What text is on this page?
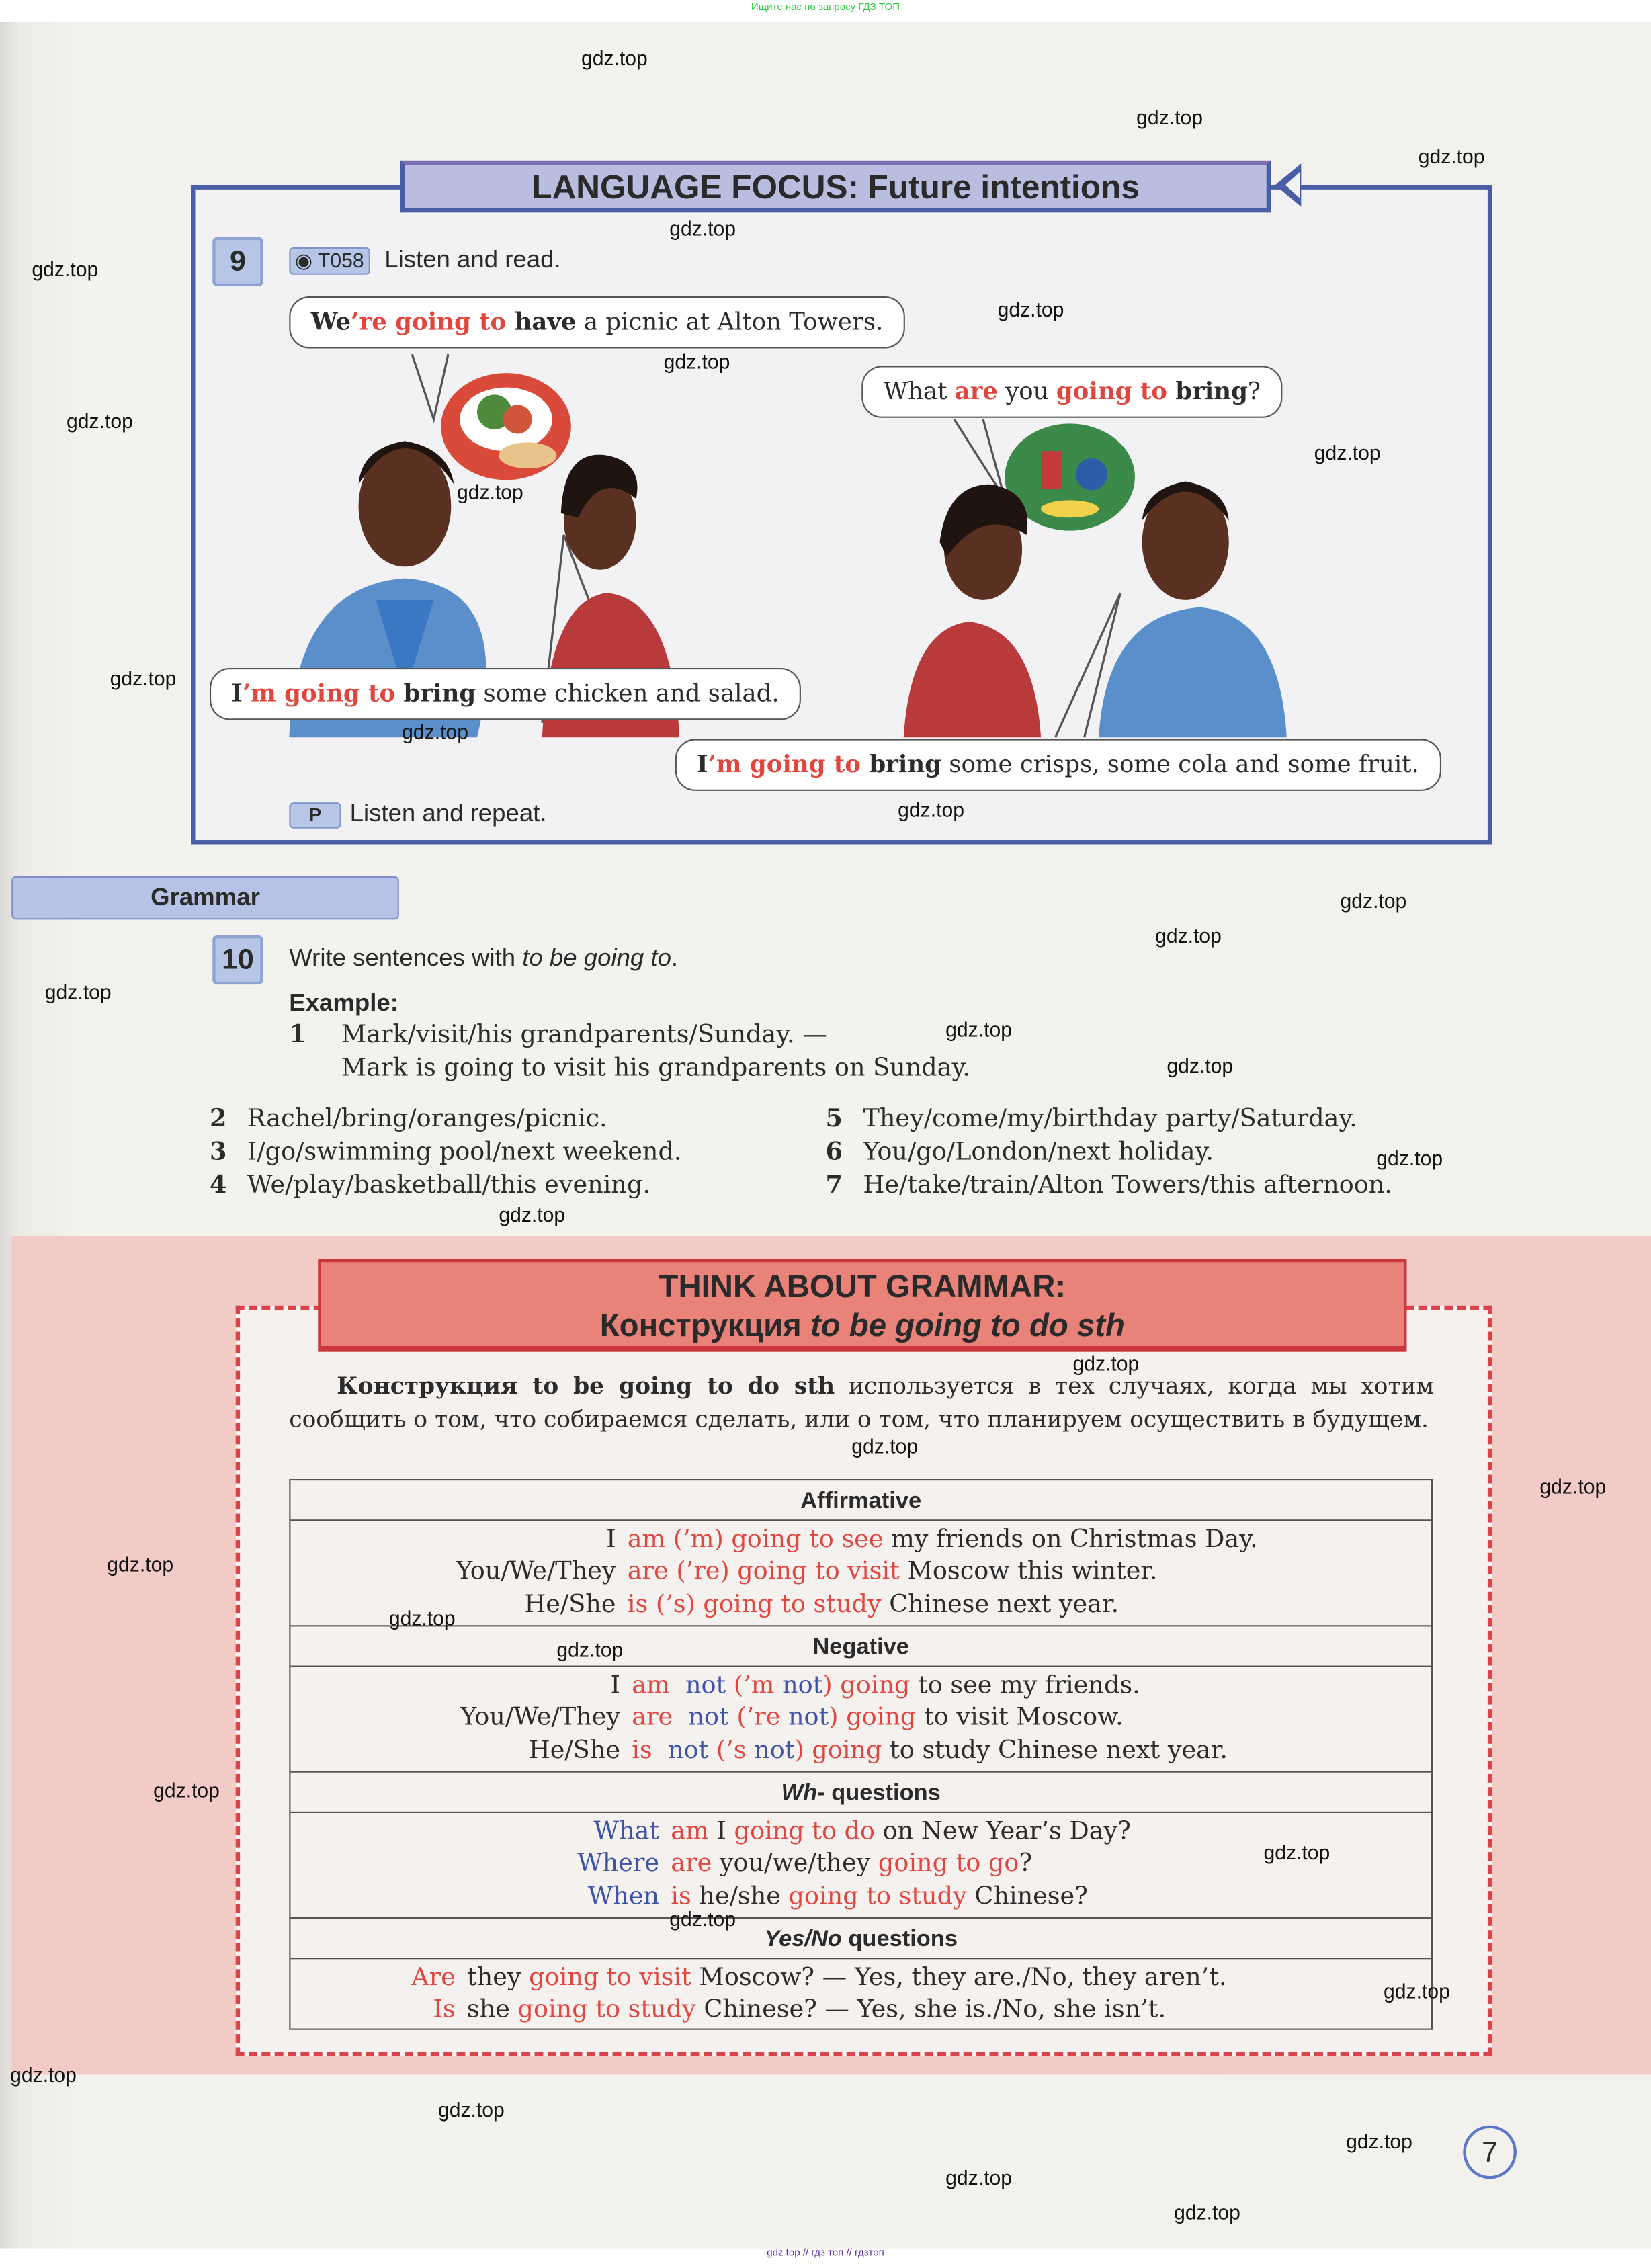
Ищите нас по запросу ГДЗ ТОП
LANGUAGE FOCUS: Future intentions
9	◉ T058	Listen and read.
We’re going to have a picnic at Alton Towers.
What are you going to bring?
I’m going to bring some chicken and salad.
I’m going to bring some crisps, some cola and some fruit.
P	Listen and repeat.
Grammar
10	Write sentences with to be going to.
Example:
1	Mark/visit/his grandparents/Sunday. —
Mark is going to visit his grandparents on Sunday.
2 Rachel/bring/oranges/picnic.
3 I/go/swimming pool/next weekend.
4 We/play/basketball/this evening.
5 They/come/my/birthday party/Saturday.
6 You/go/London/next holiday.
7 He/take/train/Alton Towers/this afternoon.
THINK ABOUT GRAMMAR:
Конструкция to be going to do sth
Конструкция to be going to do sth используется в тех случаях, когда мы хотим сообщить о том, что собираемся сделать, или о том, что планируем осуществить в будущем.
Affirmative
I	am (’m) going to see my friends on Christmas Day.
You/We/They	are (’re) going to visit Moscow this winter.
He/She	is (’s) going to study Chinese next year.
Negative
I	am  not (’m not) going to see my friends.
You/We/They	are  not (’re not) going to visit Moscow.
He/She	is  not (’s not) going to study Chinese next year.
Wh- questions
What	am I going to do on New Year’s Day?
Where	are you/we/they going to go?
When	is he/she going to study Chinese?
Yes/No questions
Are	they going to visit Moscow? — Yes, they are./No, they aren’t.
Is	she going to study Chinese? — Yes, she is./No, she isn’t.
7
gdz top // гдз топ // гдзтоп
gdz.top
gdz.top
gdz.top
gdz.top
gdz.top
gdz.top
gdz.top
gdz.top
gdz.top
gdz.top
gdz.top
gdz.top
gdz.top
gdz.top
gdz.top
gdz.top
gdz.top
gdz.top
gdz.top
gdz.top
gdz.top
gdz.top
gdz.top
gdz.top
gdz.top
gdz.top
gdz.top
gdz.top
gdz.top
gdz.top
gdz.top
gdz.top
gdz.top
gdz.top
gdz.top
